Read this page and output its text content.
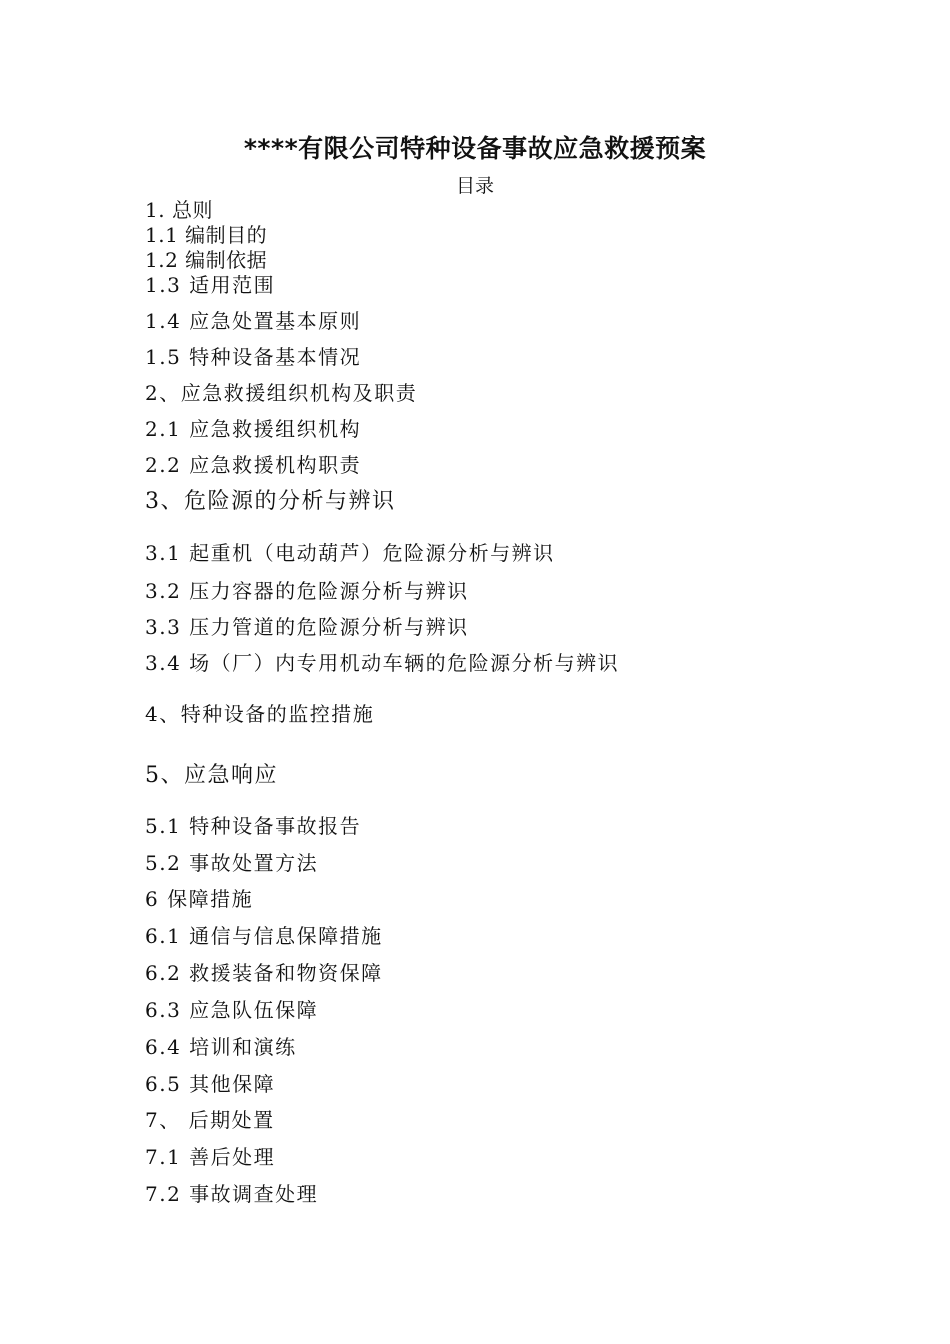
****有限公司特种设备事故应急救援预案
目录
1. 总则
1.1 编制目的
1.2 编制依据
1.3 适用范围
1.4 应急处置基本原则
1.5 特种设备基本情况
2、应急救援组织机构及职责
2.1 应急救援组织机构
2.2 应急救援机构职责
3、危险源的分析与辨识
3.1 起重机（电动葫芦）危险源分析与辨识
3.2 压力容器的危险源分析与辨识
3.3 压力管道的危险源分析与辨识
3.4 场（厂）内专用机动车辆的危险源分析与辨识
4、特种设备的监控措施
5、应急响应
5.1 特种设备事故报告
5.2 事故处置方法
6 保障措施
6.1 通信与信息保障措施
6.2 救援装备和物资保障
6.3 应急队伍保障
6.4 培训和演练
6.5 其他保障
7、 后期处置
7.1 善后处理
7.2 事故调查处理
